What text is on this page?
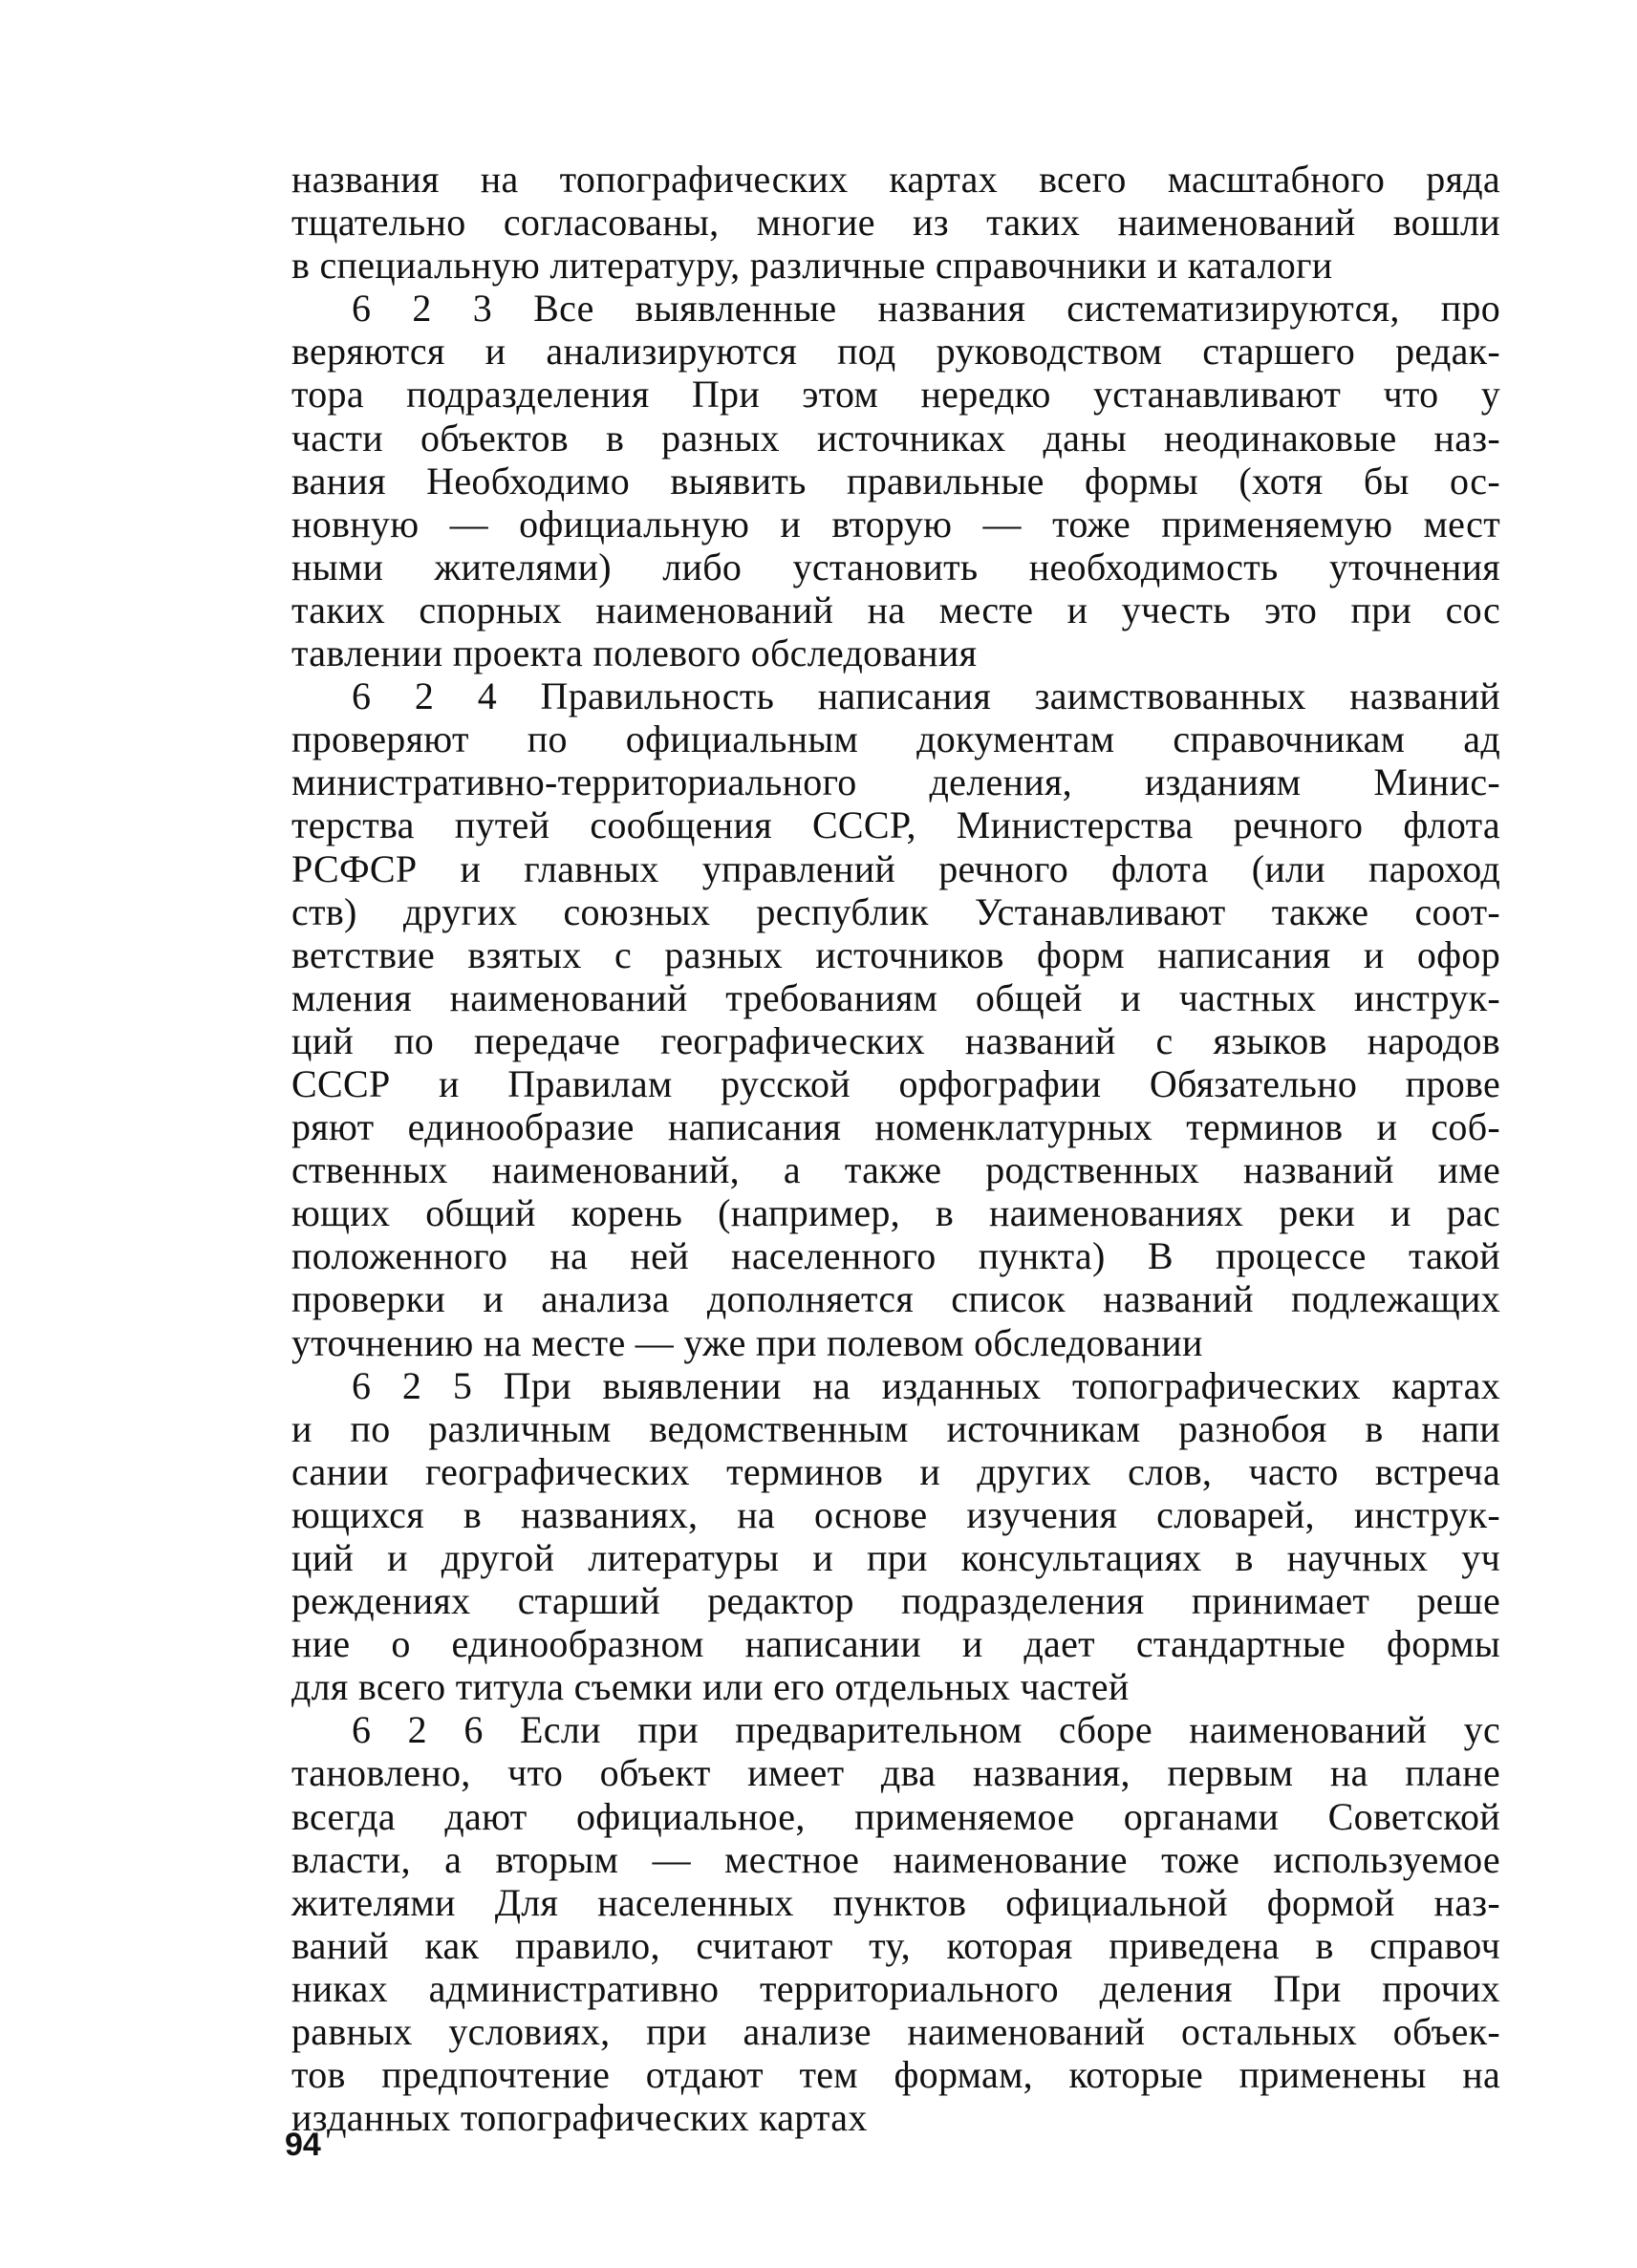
названия на топографических картах всего масштабного ряда
тщательно согласованы, многие из таких наименований вошли
в специальную литературу, различные справочники и каталоги
6 2 3 Все выявленные названия систематизируются, про
веряются и анализируются под руководством старшего редак-
тора подразделения При этом нередко устанавливают что у
части объектов в разных источниках даны неодинаковые наз-
вания Необходимо выявить правильные формы (хотя бы ос-
новную — официальную и вторую — тоже применяемую мест
ными жителями) либо установить необходимость уточнения
таких спорных наименований на месте и учесть это при сос
тавлении проекта полевого обследования
6 2 4 Правильность написания заимствованных названий
проверяют по официальным документам справочникам ад
министративно-территориального деления, изданиям Минис-
терства путей сообщения СССР, Министерства речного флота
РСФСР и главных управлений речного флота (или пароход
ств) других союзных республик Устанавливают также соот-
ветствие взятых с разных источников форм написания и офор
мления наименований требованиям общей и частных инструк-
ций по передаче географических названий с языков народов
СССР и Правилам русской орфографии Обязательно прове
ряют единообразие написания номенклатурных терминов и соб-
ственных наименований, а также родственных названий име
ющих общий корень (например, в наименованиях реки и рас
положенного на ней населенного пункта) В процессе такой
проверки и анализа дополняется список названий подлежащих
уточнению на месте — уже при полевом обследовании
6 2 5 При выявлении на изданных топографических картах
и по различным ведомственным источникам разнобоя в напи
сании географических терминов и других слов, часто встреча
ющихся в названиях, на основе изучения словарей, инструк-
ций и другой литературы и при консультациях в научных уч
реждениях старший редактор подразделения принимает реше
ние о единообразном написании и дает стандартные формы
для всего титула съемки или его отдельных частей
6 2 6 Если при предварительном сборе наименований ус
тановлено, что объект имеет два названия, первым на плане
всегда дают официальное, применяемое органами Советской
власти, а вторым — местное наименование тоже используемое
жителями Для населенных пунктов официальной формой наз-
ваний как правило, считают ту, которая приведена в справоч
никах административно территориального деления При прочих
равных условиях, при анализе наименований остальных объек-
тов предпочтение отдают тем формам, которые применены на
изданных топографических картах
94
